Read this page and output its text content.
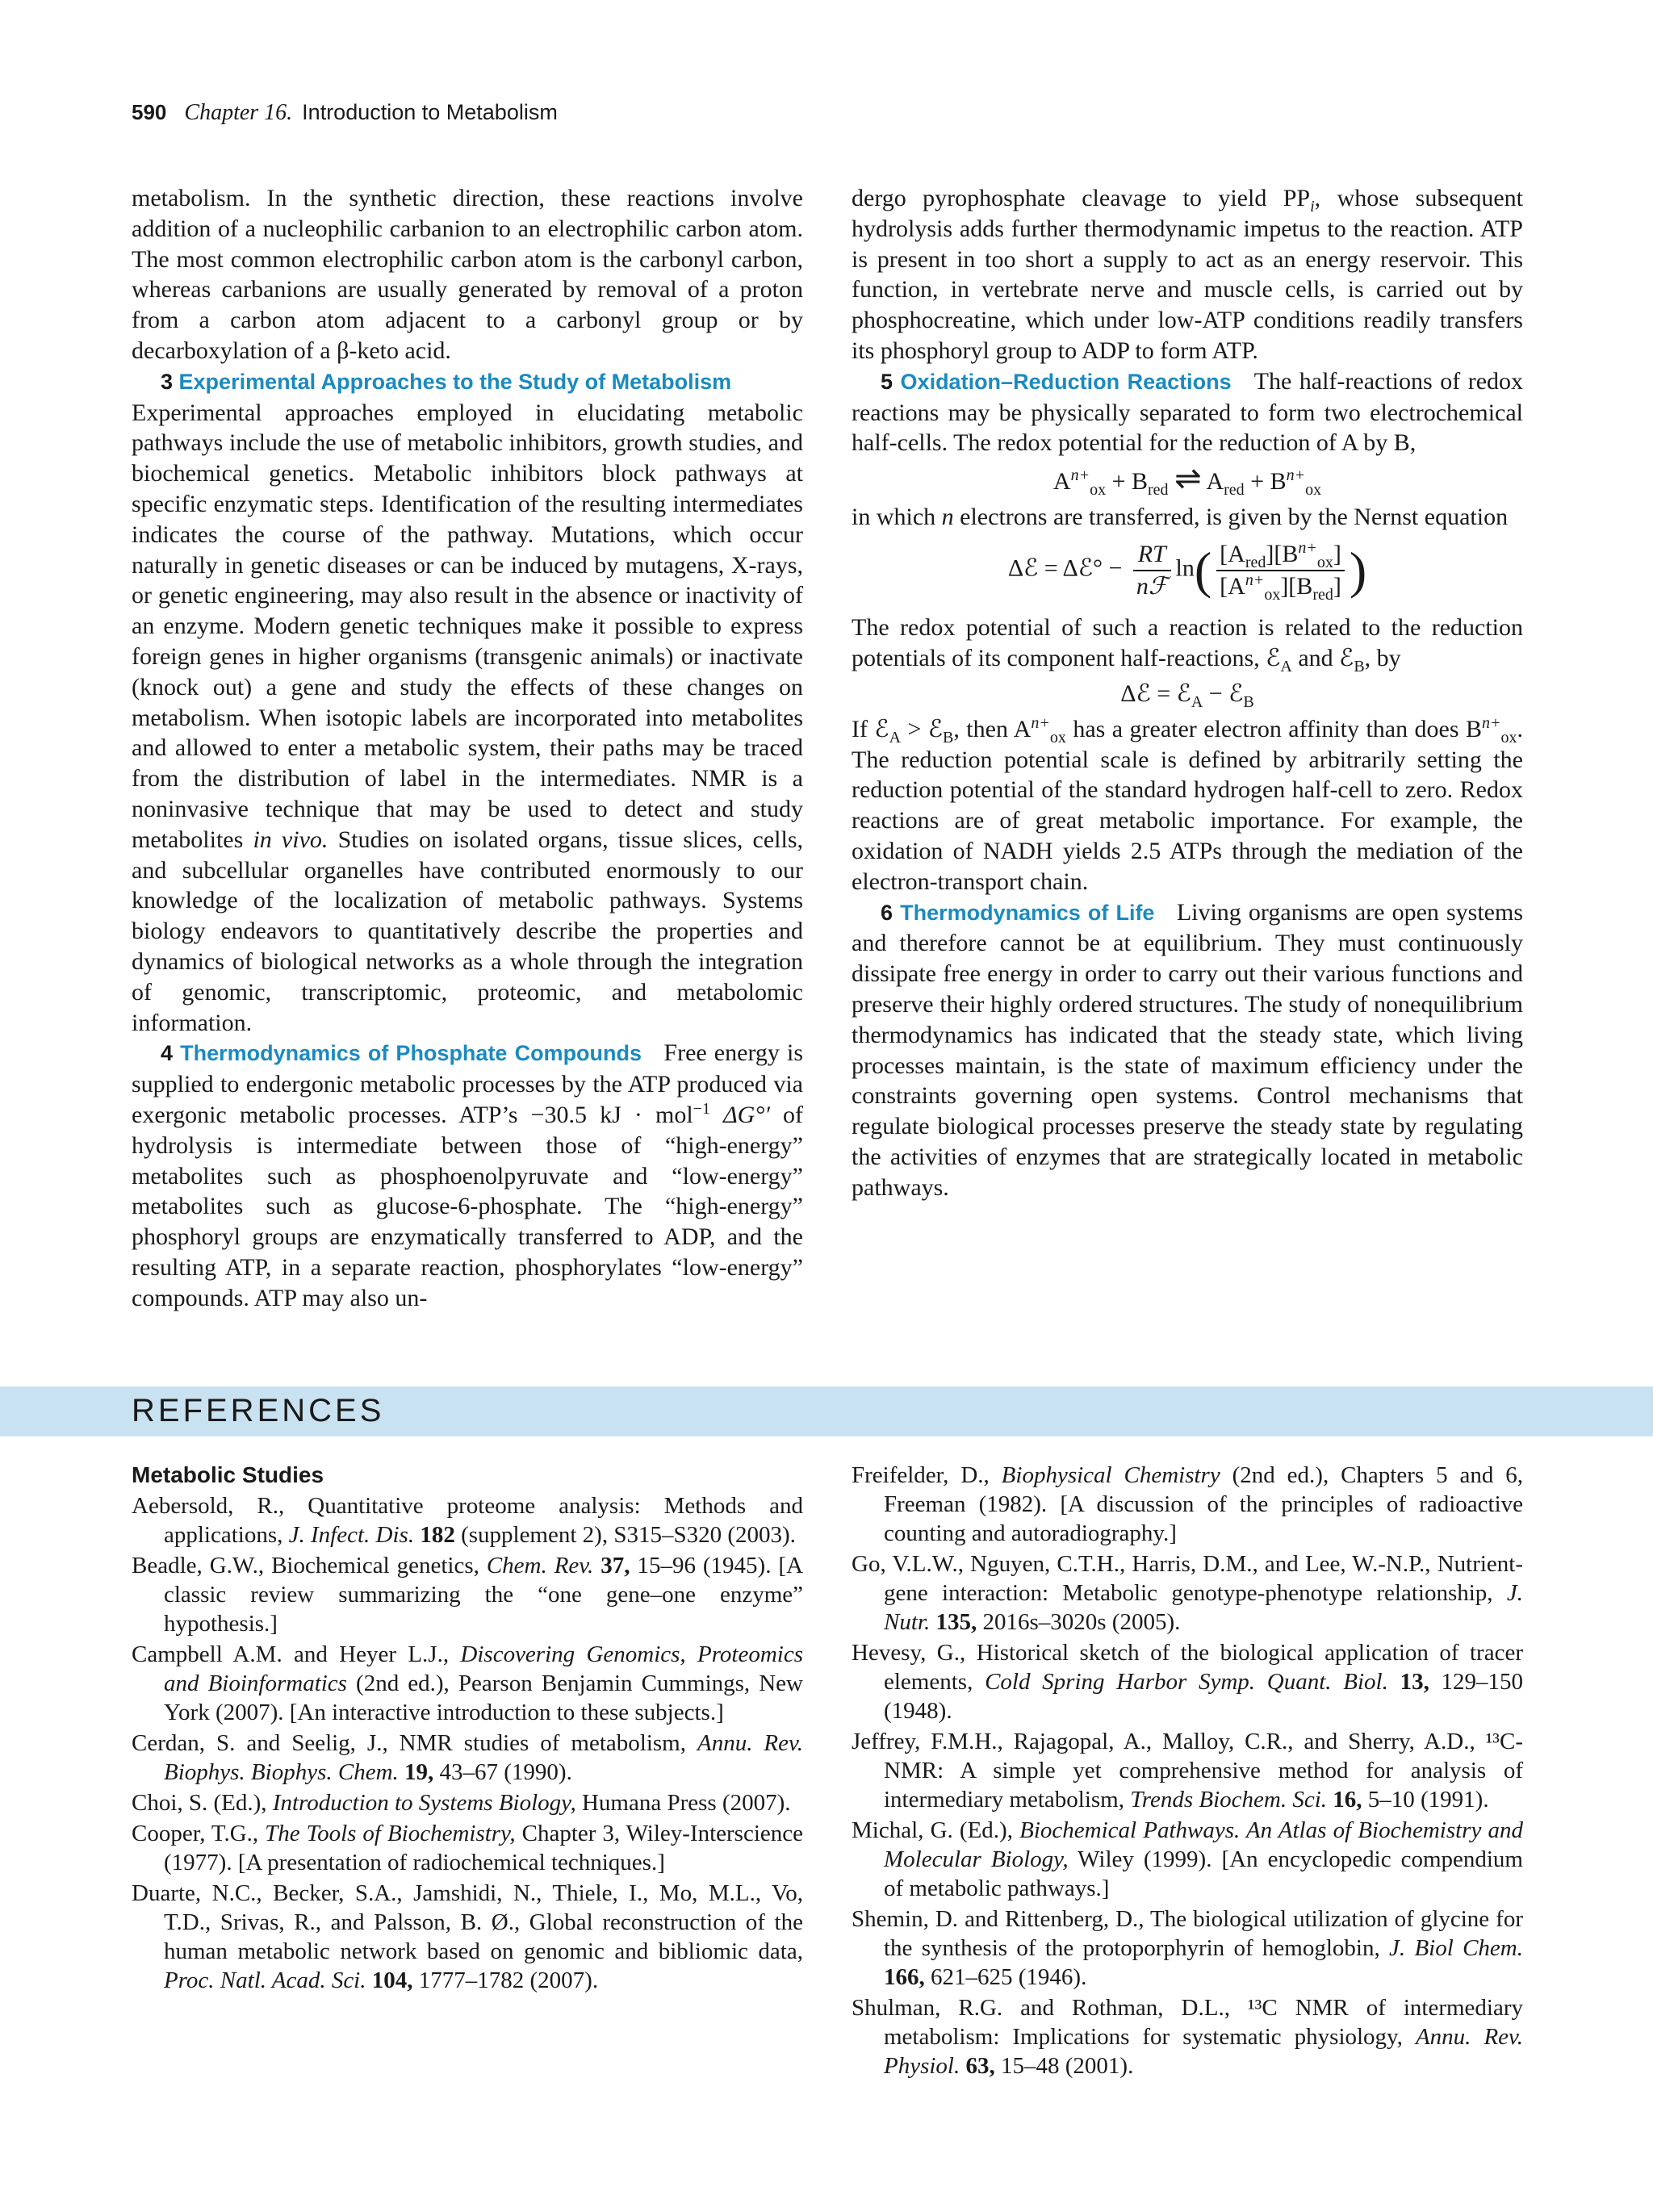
590 Chapter 16. Introduction to Metabolism

metabolism. In the synthetic direction, these reactions involve addition of a nucleophilic carbanion to an electrophilic carbon atom. The most common electrophilic carbon atom is the carbonyl carbon, whereas carbanions are usually generated by removal of a proton from a carbon atom adjacent to a carbonyl group or by decarboxylation of a β-keto acid.

3 Experimental Approaches to the Study of Metabolism

Experimental approaches employed in elucidating metabolic pathways include the use of metabolic inhibitors, growth studies, and biochemical genetics. Metabolic inhibitors block pathways at specific enzymatic steps. Identification of the resulting intermediates indicates the course of the pathway. Mutations, which occur naturally in genetic diseases or can be induced by mutagens, X-rays, or genetic engineering, may also result in the absence or inactivity of an enzyme. Modern genetic techniques make it possible to express foreign genes in higher organisms (transgenic animals) or inactivate (knock out) a gene and study the effects of these changes on metabolism. When isotopic labels are incorporated into metabolites and allowed to enter a metabolic system, their paths may be traced from the distribution of label in the intermediates. NMR is a noninvasive technique that may be used to detect and study metabolites in vivo. Studies on isolated organs, tissue slices, cells, and subcellular organelles have contributed enormously to our knowledge of the localization of metabolic pathways. Systems biology endeavors to quantitatively describe the properties and dynamics of biological networks as a whole through the integration of genomic, transcriptomic, proteomic, and metabolomic information.

4 Thermodynamics of Phosphate Compounds Free energy is supplied to endergonic metabolic processes by the ATP produced via exergonic metabolic processes. ATP’s −30.5 kJ · mol$^{-1}$ ΔG°′ of hydrolysis is intermediate between those of “high-energy” metabolites such as phosphoenolpyruvate and “low-energy” metabolites such as glucose-6-phosphate. The “high-energy” phosphoryl groups are enzymatically transferred to ADP, and the resulting ATP, in a separate reaction, phosphorylates “low-energy” compounds. ATP may also un-

dergo pyrophosphate cleavage to yield $PP_i$, whose subsequent hydrolysis adds further thermodynamic impetus to the reaction. ATP is present in too short a supply to act as an energy reservoir. This function, in vertebrate nerve and muscle cells, is carried out by phosphocreatine, which under low-ATP conditions readily transfers its phosphoryl group to ADP to form ATP.

5 Oxidation–Reduction Reactions The half-reactions of redox reactions may be physically separated to form two electrochemical half-cells. The redox potential for the reduction of A by B,

$A^{n+}_{ox} + B_{red}$ ⇌ $A_{red} + B^{n+}_{ox}$

in which n electrons are transferred, is given by the Nernst equation

Δℰ = Δℰ° − $\frac{RT}{\text{nℱ}} \ln( \frac{[A_{red}][B^{n+}_{ox}]}{[A^{n+}_{ox}][B_{red}]}$ )

The redox potential of such a reaction is related to the reduction potentials of its component half-reactions, ℰ$_A$ and ℰ$_B$, by

Δℰ = ℰ$_A$ − ℰ$_B$

If ℰ$_A$ > ℰ$_B$, then $A^{n+}_{ox}$ has a greater electron affinity than does $B^{n+}_{ox}$. The reduction potential scale is defined by arbitrarily setting the reduction potential of the standard hydrogen half-cell to zero. Redox reactions are of great metabolic importance. For example, the oxidation of NADH yields 2.5 ATPs through the mediation of the electron-transport chain.

6 Thermodynamics of Life Living organisms are open systems and therefore cannot be at equilibrium. They must continuously dissipate free energy in order to carry out their various functions and preserve their highly ordered structures. The study of nonequilibrium thermodynamics has indicated that the steady state, which living processes maintain, is the state of maximum efficiency under the constraints governing open systems. Control mechanisms that regulate biological processes preserve the steady state by regulating the activities of enzymes that are strategically located in metabolic pathways.

REFERENCES
Metabolic Studies
Aebersold, R., Quantitative proteome analysis: Methods and applications, J. Infect. Dis. 182 (supplement 2), S315–S320 (2003).
Beadle, G.W., Biochemical genetics, Chem. Rev. 37, 15–96 (1945). [A classic review summarizing the “one gene–one enzyme” hypothesis.]
Campbell A.M. and Heyer L.J., Discovering Genomics, Proteomics and Bioinformatics (2nd ed.), Pearson Benjamin Cummings, New York (2007). [An interactive introduction to these subjects.]
Cerdan, S. and Seelig, J., NMR studies of metabolism, Annu. Rev. Biophys. Biophys. Chem. 19, 43–67 (1990).
Choi, S. (Ed.), Introduction to Systems Biology, Humana Press (2007).
Cooper, T.G., The Tools of Biochemistry, Chapter 3, Wiley-Interscience (1977). [A presentation of radiochemical techniques.]
Duarte, N.C., Becker, S.A., Jamshidi, N., Thiele, I., Mo, M.L., Vo, T.D., Srivas, R., and Palsson, B. Ø., Global reconstruction of the human metabolic network based on genomic and bibliomic data, Proc. Natl. Acad. Sci. 104, 1777–1782 (2007).
Freifelder, D., Biophysical Chemistry (2nd ed.), Chapters 5 and 6, Freeman (1982). [A discussion of the principles of radioactive counting and autoradiography.]
Go, V.L.W., Nguyen, C.T.H., Harris, D.M., and Lee, W.-N.P., Nutrient-gene interaction: Metabolic genotype-phenotype relationship, J. Nutr. 135, 2016s–3020s (2005).
Hevesy, G., Historical sketch of the biological application of tracer elements, Cold Spring Harbor Symp. Quant. Biol. 13, 129–150 (1948).
Jeffrey, F.M.H., Rajagopal, A., Malloy, C.R., and Sherry, A.D., ¹³C-NMR: A simple yet comprehensive method for analysis of intermediary metabolism, Trends Biochem. Sci. 16, 5–10 (1991).
Michal, G. (Ed.), Biochemical Pathways. An Atlas of Biochemistry and Molecular Biology, Wiley (1999). [An encyclopedic compendium of metabolic pathways.]
Shemin, D. and Rittenberg, D., The biological utilization of glycine for the synthesis of the protoporphyrin of hemoglobin, J. Biol Chem. 166, 621–625 (1946).
Shulman, R.G. and Rothman, D.L., ¹³C NMR of intermediary metabolism: Implications for systematic physiology, Annu. Rev. Physiol. 63, 15–48 (2001).
